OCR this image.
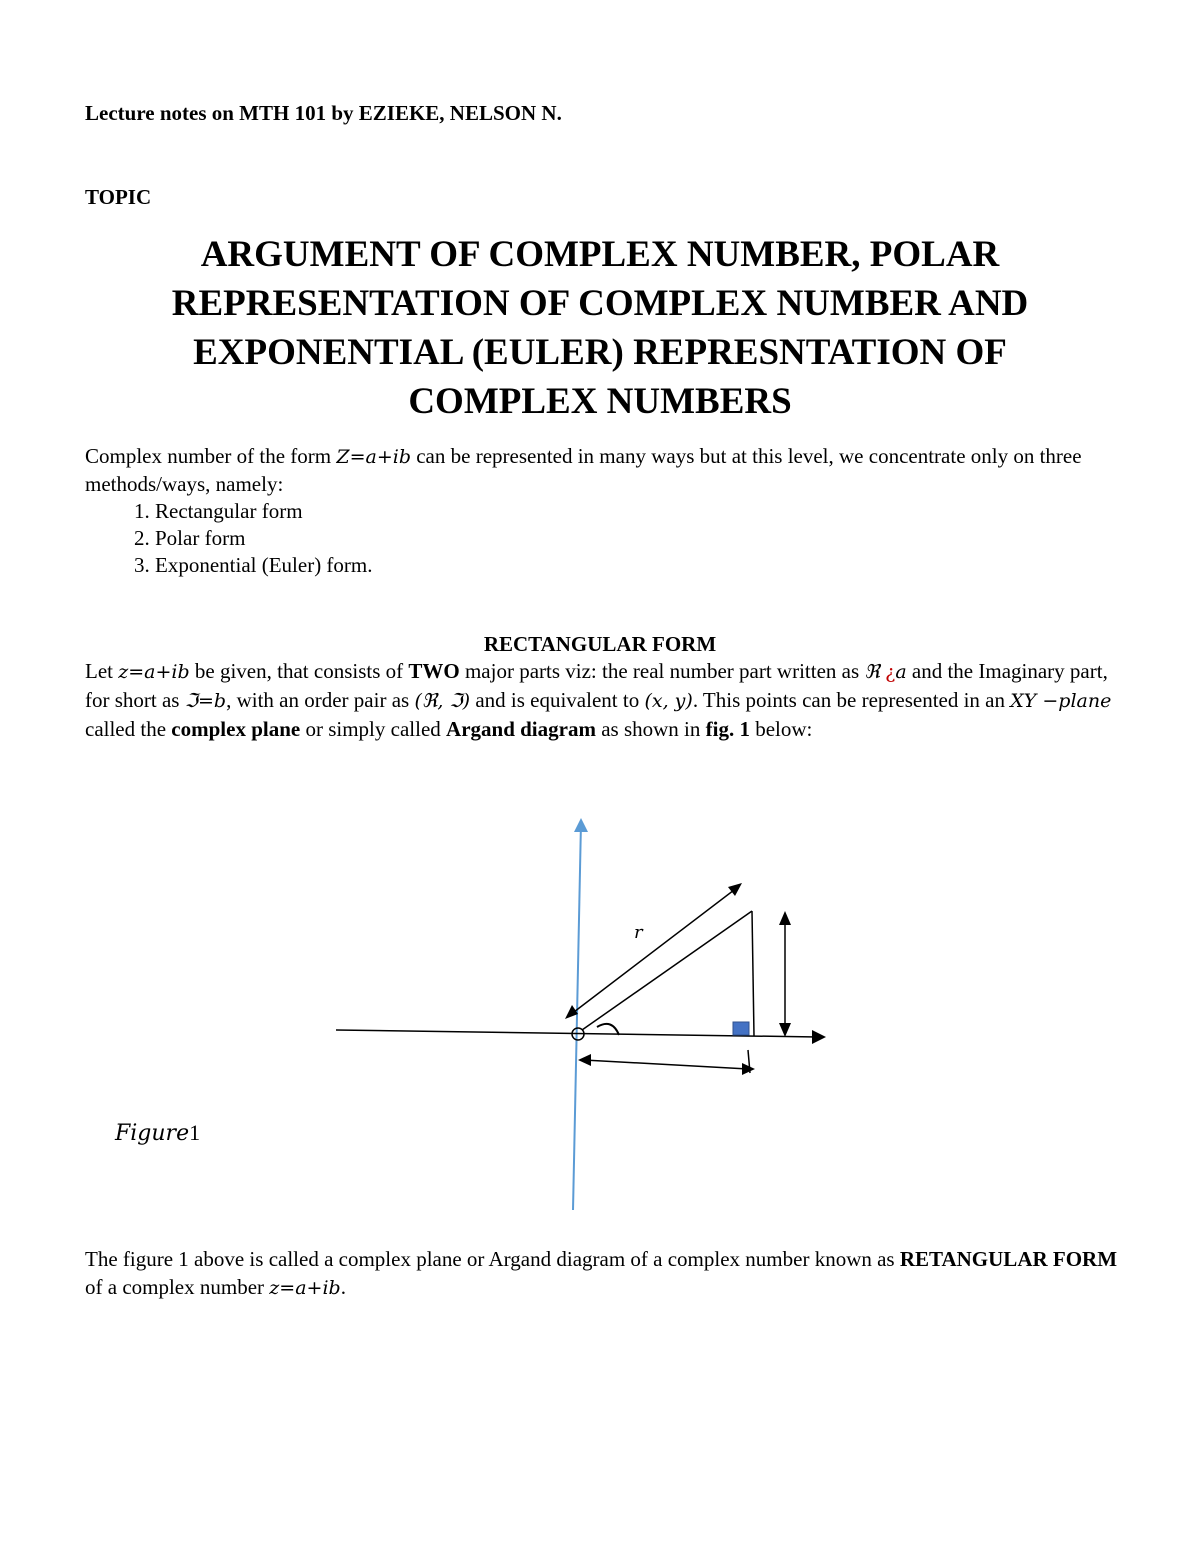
Lecture notes on MTH 101 by EZIEKE, NELSON N.
TOPIC
ARGUMENT OF COMPLEX NUMBER, POLAR
REPRESENTATION OF COMPLEX NUMBER AND
EXPONENTIAL (EULER) REPRESNTATION OF
COMPLEX NUMBERS

Complex number of the form Z=a+ib can be represented in many ways but at this level, we concentrate only on three methods/ways, namely:

1. Rectangular form
2. Polar form
3. Exponential (Euler) form.
RECTANGULAR FORM

Let z=a+ib be given, that consists of TWO major parts viz: the real number part written as ℜ ¿a and the Imaginary part, for short as ℑ=b, with an order pair as (ℜ, ℑ) and is equivalent to (x, y). This points can be represented in an XY −plane called the complex plane or simply called Argand diagram as shown in fig. 1 below:

r
Figure1

The figure 1 above is called a complex plane or Argand diagram of a complex number known as RETANGULAR FORM of a complex number z=a+ib.
